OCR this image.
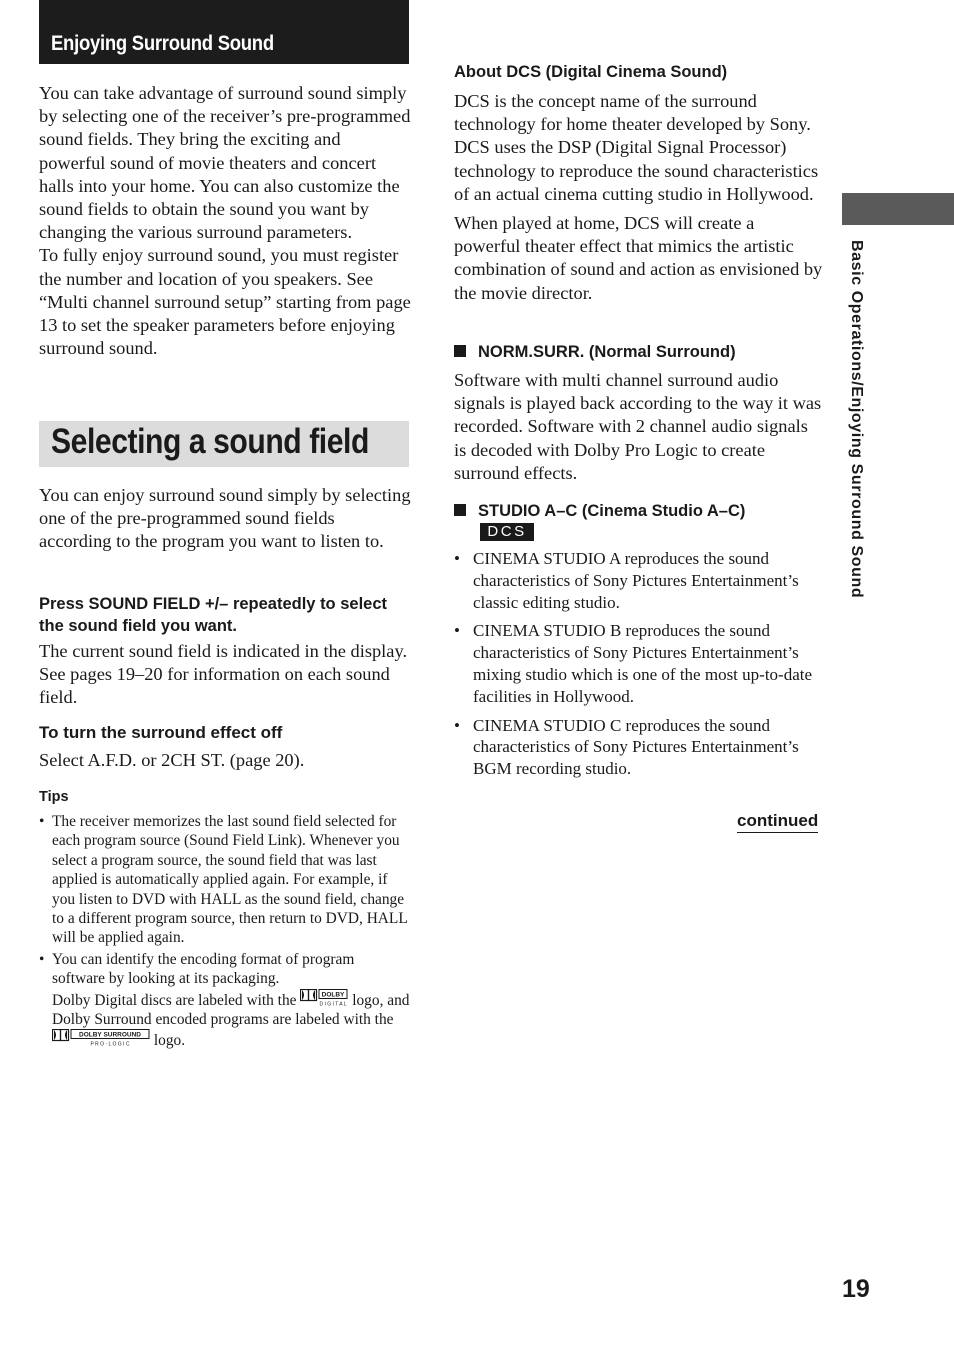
Enjoying Surround Sound

You can take advantage of surround sound simply by selecting one of the receiver’s pre-programmed sound fields. They bring the exciting and powerful sound of movie theaters and concert halls into your home. You can also customize the sound fields to obtain the sound you want by changing the various surround parameters.

To fully enjoy surround sound, you must register the number and location of you speakers. See “Multi channel surround setup” starting from page 13 to set the speaker parameters before enjoying surround sound.

Selecting a sound field
You can enjoy surround sound simply by selecting one of the pre-programmed sound fields according to the program you want to listen to.
Press SOUND FIELD +/– repeatedly to select the sound field you want.
The current sound field is indicated in the display. See pages 19–20 for information on each sound field.
To turn the surround effect off
Select A.F.D. or 2CH ST. (page 20).
Tips
• The receiver memorizes the last sound field selected for each program source (Sound Field Link). Whenever you select a program source, the sound field that was last applied is automatically applied again. For example, if you listen to DVD with HALL as the sound field, change to a different program source, then return to DVD, HALL will be applied again.
• You can identify the encoding format of program software by looking at its packaging.
Dolby Digital discs are labeled with the	DOLBY
D I G I T A L logo, and Dolby Surround encoded programs are labeled with the
DOLBY SURROUND
P R O · L O G I C logo.
About DCS (Digital Cinema Sound)

DCS is the concept name of the surround technology for home theater developed by Sony. DCS uses the DSP (Digital Signal Processor) technology to reproduce the sound characteristics of an actual cinema cutting studio in Hollywood.

When played at home, DCS will create a powerful theater effect that mimics the artistic combination of sound and action as envisioned by the movie director.

NORM.SURR. (Normal Surround)
Software with multi channel surround audio signals is played back according to the way it was recorded. Software with 2 channel audio signals is decoded with Dolby Pro Logic to create surround effects.
STUDIO A–C (Cinema Studio A–C)
DCS
• CINEMA STUDIO A reproduces the sound characteristics of Sony Pictures Entertainment’s classic editing studio.
• CINEMA STUDIO B reproduces the sound characteristics of Sony Pictures Entertainment’s mixing studio which is one of the most up-to-date facilities in Hollywood.
• CINEMA STUDIO C reproduces the sound characteristics of Sony Pictures Entertainment’s BGM recording studio.
continued
Basic Operations/Enjoying Surround Sound
19
